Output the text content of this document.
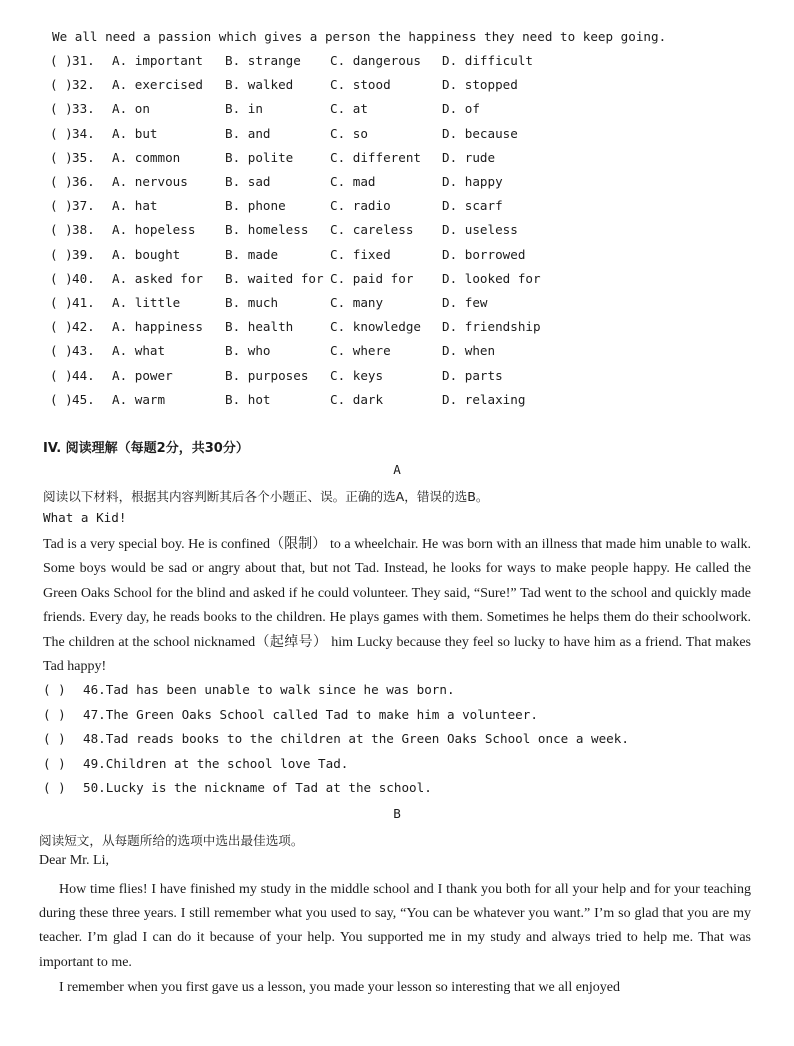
We all need a passion which gives a person the happiness they need to keep going.
( ) 31. A. important B. strange C. dangerous D. difficult
( ) 32. A. exercised B. walked	C. stood	D. stopped
( ) 33. A. on	B. in	C. at	D. of
( ) 34. A. but	B. and	C. so	D. because
( ) 35. A. common	B. polite	C. different D. rude
( ) 36. A. nervous	B. sad	C. mad	D. happy
( ) 37. A. hat	B. phone	C. radio	D. scarf
( ) 38. A. hopeless B. homeless C. careless D. useless
( ) 39. A. bought	B. made	C. fixed	D. borrowed
( ) 40. A. asked for B. waited for C. paid for D. looked for
( ) 41. A. little	B. much	C. many	D. few
( ) 42. A. happiness B. health	C. knowledge D. friendship
( ) 43. A. what	B. who	C. where	D. when
( ) 44. A. power	B. purposes C. keys	D. parts
( ) 45. A. warm	B. hot	C. dark	D. relaxing
IV. 阅读理解（每题2分，共30分）
A
阅读以下材料，根据其内容判断其后各个小题正、误。正确的选A，错误的选B。
What a Kid!
Tad is a very special boy. He is confined（限制） to a wheelchair. He was born with an illness that made him unable to walk. Some boys would be sad or angry about that, but not Tad. Instead, he looks for ways to make people happy. He called the Green Oaks School for the blind and asked if he could volunteer. They said, “Sure!” Tad went to the school and quickly made friends. Every day, he reads books to the children. He plays games with them. Sometimes he helps them do their schoolwork. The children at the school nicknamed（起绰号） him Lucky because they feel so lucky to have him as a friend. That makes Tad happy!
( ) 46.Tad has been unable to walk since he was born.
( ) 47.The Green Oaks School called Tad to make him a volunteer.
( ) 48.Tad reads books to the children at the Green Oaks School once a week.
( ) 49.Children at the school love Tad.
( ) 50.Lucky is the nickname of Tad at the school.
B
阅读短文，从每题所给的选项中选出最佳选项。
Dear Mr. Li,
How time flies! I have finished my study in the middle school and I thank you both for all your help and for your teaching during these three years. I still remember what you used to say, “You can be whatever you want.” I’m so glad that you are my teacher. I’m glad I can do it because of your help. You supported me in my study and always tried to help me. That was important to me.
I remember when you first gave us a lesson, you made your lesson so interesting that we all enjoyed
